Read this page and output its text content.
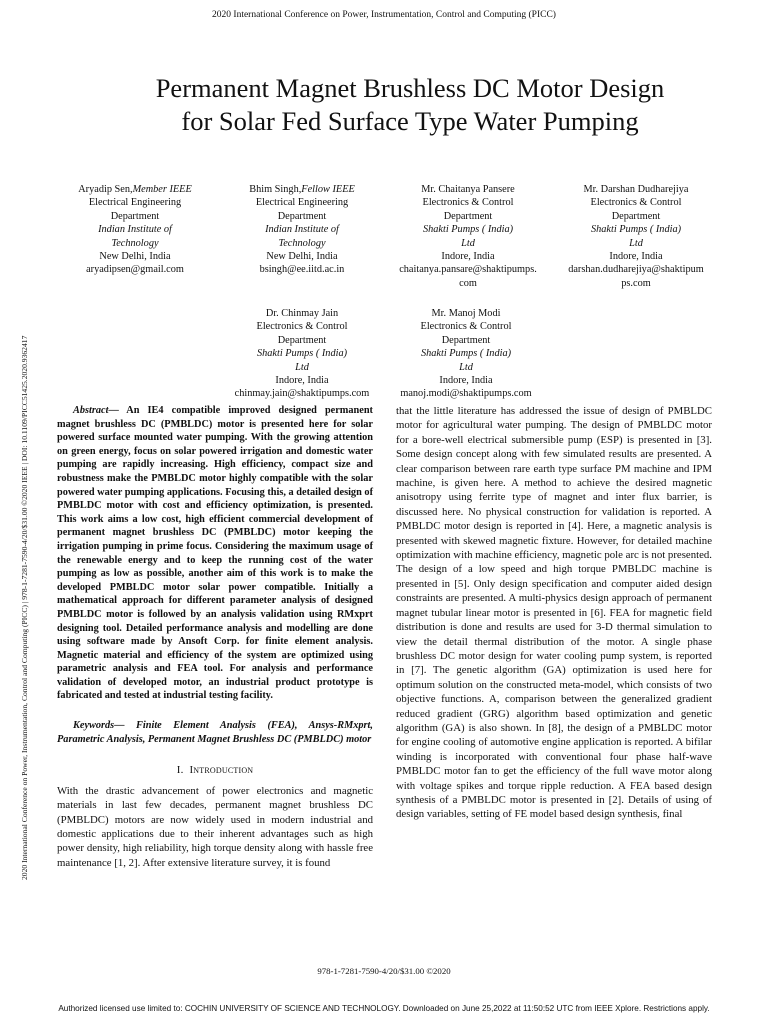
2020 International Conference on Power, Instrumentation, Control and Computing (PICC)
2020 International Conference on Power, Instrumentation, Control and Computing (PICC) | 978-1-7281-7590-4/20/$31.00 ©2020 IEEE | DOI: 10.1109/PICC51425.2020.9362417
Permanent Magnet Brushless DC Motor Design
for Solar Fed Surface Type Water Pumping
Aryadip Sen,Member IEEE
Electrical Engineering
Department
Indian Institute of
Technology
New Delhi, India
aryadipsen@gmail.com
Bhim Singh,Fellow IEEE
Electrical Engineering
Department
Indian Institute of
Technology
New Delhi, India
bsingh@ee.iitd.ac.in
Mr. Chaitanya Pansere
Electronics & Control
Department
Shakti Pumps ( India)
Ltd
Indore, India
chaitanya.pansare@shaktipumps.
com
Mr. Darshan Dudharejiya
Electronics & Control
Department
Shakti Pumps ( India)
Ltd
Indore, India
darshan.dudharejiya@shaktipum
ps.com
Dr. Chinmay Jain
Electronics & Control
Department
Shakti Pumps ( India)
Ltd
Indore, India
chinmay.jain@shaktipumps.com
Mr. Manoj Modi
Electronics & Control
Department
Shakti Pumps ( India)
Ltd
Indore, India
manoj.modi@shaktipumps.com

Abstract— An IE4 compatible improved designed permanent magnet brushless DC (PMBLDC) motor is presented here for solar powered surface mounted water pumping. With the growing attention on green energy, focus on solar powered irrigation and domestic water pumping are rapidly increasing. High efficiency, compact size and robustness make the PMBLDC motor highly compatible with the solar powered water pumping applications. Focusing this, a detailed design of PMBLDC motor with cost and efficiency optimization, is presented. This work aims a low cost, high efficient commercial development of permanent magnet brushless DC (PMBLDC) motor keeping the irrigation pumping in prime focus. Considering the maximum usage of the renewable energy and to keep the running cost of the water pumping as low as possible, another aim of this work is to make the developed PMBLDC motor solar power compatible. Initially a mathematical approach for different parameter analysis of designed PMBLDC motor is followed by an analysis validation using RMxprt designing tool. Detailed performance analysis and modelling are done using software made by Ansoft Corp. for finite element analysis. Magnetic material and efficiency of the system are optimized using parametric analysis and FEA tool. For analysis and performance validation of developed motor, an industrial product prototype is fabricated and tested at industrial testing facility.

Keywords— Finite Element Analysis (FEA), Ansys-RMxprt, Parametric Analysis, Permanent Magnet Brushless DC (PMBLDC) motor

I. Introduction

With the drastic advancement of power electronics and magnetic materials in last few decades, permanent magnet brushless DC (PMBLDC) motors are now widely used in modern industrial and domestic applications due to their inherent advantages such as high power density, high reliability, high torque density along with hassle free maintenance [1, 2]. After extensive literature survey, it is found

that the little literature has addressed the issue of design of PMBLDC motor for agricultural water pumping. The design of PMBLDC motor for a bore-well electrical submersible pump (ESP) is presented in [3]. Some design concept along with few simulated results are presented. A clear comparison between rare earth type surface PM machine and IPM machine, is given here. A method to achieve the desired magnetic anisotropy using ferrite type of magnet and inter flux barrier, is discussed here. No physical construction for validation is reported. A PMBLDC motor design is reported in [4]. Here, a magnetic analysis is presented with skewed magnetic fixture. However, for detailed machine optimization with machine efficiency, magnetic pole arc is not presented. The design of a low speed and high torque PMBLDC machine is presented in [5]. Only design specification and computer aided design constraints are presented. A multi-physics design approach of permanent magnet tubular linear motor is presented in [6]. FEA for magnetic field distribution is done and results are used for 3-D thermal simulation to view the detail thermal distribution of the motor. A single phase brushless DC motor design for water cooling pump system, is reported in [7]. The genetic algorithm (GA) optimization is used here for optimum solution on the constructed meta-model, which consists of two objective functions. A, comparison between the generalized gradient reduced gradient (GRG) algorithm based optimization and genetic algorithm (GA) is also shown. In [8], the design of a PMBLDC motor for engine cooling of automotive engine application is reported. A bifilar winding is incorporated with conventional four phase half-wave PMBLDC motor fan to get the efficiency of the full wave motor along with voltage spikes and torque ripple reduction. A FEA based design synthesis of a PMBLDC motor is presented in [2]. Details of using of design variables, setting of FE model based design synthesis, final

978-1-7281-7590-4/20/$31.00 ©2020
Authorized licensed use limited to: COCHIN UNIVERSITY OF SCIENCE AND TECHNOLOGY. Downloaded on June 25,2022 at 11:50:52 UTC from IEEE Xplore. Restrictions apply.
